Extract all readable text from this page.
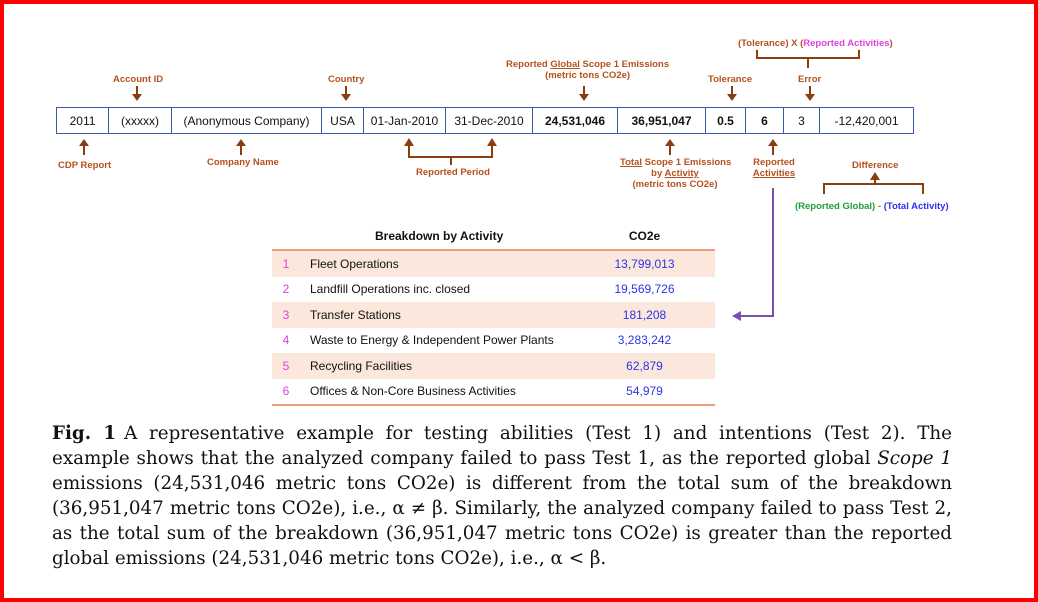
Account ID	Country
Reported Global Scope 1 Emissions
(metric tons CO2e)	Tolerance	Error
(Tolerance) X (Reported Activities)
2011	(xxxxx)	(Anonymous Company)	USA	01-Jan-2010	31-Dec-2010	24,531,046	36,951,047	0.5	6	3	-12,420,001
CDP Report	Company Name
Reported Period
Total Scope 1 Emissions
by Activity
(metric tons CO2e)
Reported
Activities
Difference
(Reported Global) - (Total Activity)
Breakdown by Activity	CO2e
1	Fleet Operations	13,799,013
2	Landfill Operations inc. closed	19,569,726
3	Transfer Stations	181,208
4	Waste to Energy & Independent Power Plants	3,283,242
5	Recycling Facilities	62,879
6	Offices & Non-Core Business Activities	54,979
Fig. 1 A representative example for testing abilities (Test 1) and intentions (Test 2). The example shows that the analyzed company failed to pass Test 1, as the reported global Scope 1 emissions (24,531,046 metric tons CO2e) is different from the total sum of the breakdown (36,951,047 metric tons CO2e), i.e., α ≠ β. Similarly, the analyzed company failed to pass Test 2, as the total sum of the breakdown (36,951,047 metric tons CO2e) is greater than the reported global emissions (24,531,046 metric tons CO2e), i.e., α < β.
